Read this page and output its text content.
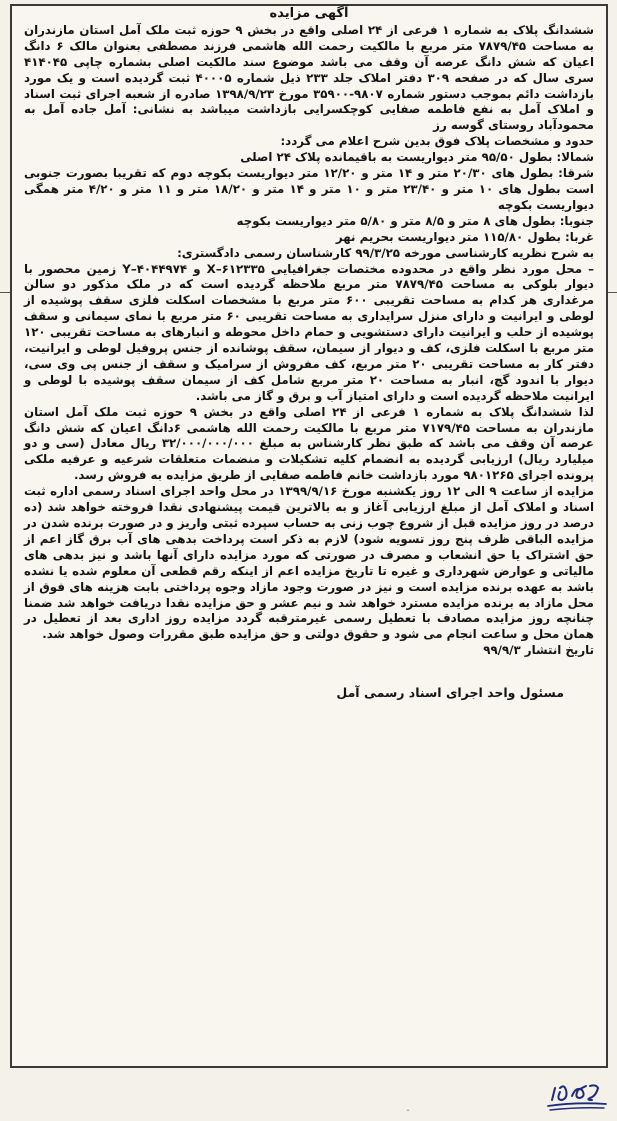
آگهی مزایده

ششدانگ پلاک به شماره ۱ فرعی از ۲۴ اصلی واقع در بخش ۹ حوزه ثبت ملک آمل استان مازندران به مساحت ۷۸۷۹/۴۵ متر مربع با مالکیت رحمت الله هاشمی فرزند مصطفی بعنوان مالک ۶ دانگ اعیان که شش دانگ عرصه آن وقف می باشد موضوع سند مالکیت اصلی بشماره چاپی ۴۱۴۰۴۵ سری سال که در صفحه ۳۰۹ دفتر املاک جلد ۲۳۳ ذیل شماره ۴۰۰۰۵ ثبت گردیده است و یک مورد بازداشت دائم بموجب دستور شماره ۹۸۰۷-۳۵۹۰۰ مورخ ۱۳۹۸/۹/۲۳ صادره از شعبه اجرای ثبت اسناد و املاک آمل به نفع فاطمه صفایی کوچکسرایی بازداشت میباشد به نشانی: آمل جاده آمل به محمودآباد روستای گوسه رز

حدود و مشخصات پلاک فوق بدین شرح اعلام می گردد:

شمالا: بطول ۹۵/۵۰ متر دیواریست به باقیمانده پلاک ۲۴ اصلی

شرقا: بطول های ۲۰/۳۰ متر و ۱۴ متر و ۱۲/۲۰ متر دیواریست بکوچه دوم که تقریبا بصورت جنوبی است بطول های ۱۰ متر و ۲۳/۴۰ متر و ۱۰ متر و ۱۴ متر و ۱۸/۲۰ متر و ۱۱ متر و ۴/۲۰ متر همگی دیواریست بکوچه

جنوبا: بطول های ۸ متر و ۸/۵ متر و ۵/۸۰ متر دیواریست بکوچه

غربا: بطول ۱۱۵/۸۰ متر دیواریست بحریم نهر

به شرح نظریه کارشناسی مورخه ۹۹/۳/۲۵ کارشناسان رسمی دادگستری:

– محل مورد نظر واقع در محدوده مختصات جغرافیایی ۶۱۲۳۳۵–X و ۴۰۴۴۹۷۴–Y زمین محصور با دیوار بلوکی به مساحت ۷۸۷۹/۴۵ متر مربع ملاحظه گردیده است که در ملک مذکور دو سالن مرغداری هر کدام به مساحت تقریبی ۶۰۰ متر مربع با مشخصات اسکلت فلزی سقف پوشیده از لوطی و ایرانیت و دارای منزل سرایداری به مساحت تقریبی ۶۰ متر مربع با نمای سیمانی و سقف پوشیده از حلب و ایرانیت دارای دستشویی و حمام داخل محوطه و انبارهای به مساحت تقریبی ۱۲۰ متر مربع با اسکلت فلزی، کف و دیوار از سیمان، سقف پوشانده از جنس پروفیل لوطی و ایرانیت، دفتر کار به مساحت تقریبی ۲۰ متر مربع، کف مفروش از سرامیک و سقف از جنس پی وی سی، دیوار با اندود گچ، انبار به مساحت ۲۰ متر مربع شامل کف از سیمان سقف پوشیده با لوطی و ایرانیت ملاحظه گردیده است و دارای امتیاز آب و برق و گاز می باشد.

لذا ششدانگ پلاک به شماره ۱ فرعی از ۲۴ اصلی واقع در بخش ۹ حوزه ثبت ملک آمل استان مازندران به مساحت ۷۱۷۹/۴۵ متر مربع با مالکیت رحمت الله هاشمی ۶دانگ اعیان که شش دانگ عرصه آن وقف می باشد که طبق نظر کارشناس به مبلغ ۳۲/۰۰۰/۰۰۰/۰۰۰ ریال معادل (سی و دو میلیارد ریال) ارزیابی گردیده به انضمام کلیه تشکیلات و منضمات متعلقات شرعیه و عرفیه ملکی پرونده اجرای ۹۸۰۱۲۶۵ مورد بازداشت خانم فاطمه صفایی از طریق مزایده به فروش رسد.

مزایده از ساعت ۹ الی ۱۲ روز یکشنبه مورخ ۱۳۹۹/۹/۱۶ در محل واحد اجرای اسناد رسمی اداره ثبت اسناد و املاک آمل از مبلغ ارزیابی آغاز و به بالاترین قیمت پیشنهادی نقدا فروخته خواهد شد (ده درصد در روز مزایده قبل از شروع چوب زنی به حساب سپرده ثبتی واریز و در صورت برنده شدن در مزایده الباقی ظرف پنج روز تسویه شود) لازم به ذکر است پرداخت بدهی های آب برق گاز اعم از حق اشتراک یا حق انشعاب و مصرف در صورتی که مورد مزایده دارای آنها باشد و نیز بدهی های مالیاتی و عوارض شهرداری و غیره تا تاریخ مزایده اعم از اینکه رقم قطعی آن معلوم شده یا نشده باشد به عهده برنده مزایده است و نیز در صورت وجود مازاد وجوه پرداختی بابت هزینه های فوق از محل مازاد به برنده مزایده مسترد خواهد شد و نیم عشر و حق مزایده نقدا دریافت خواهد شد ضمنا چنانچه روز مزایده مصادف با تعطیل رسمی غیرمترقبه گردد مزایده روز اداری بعد از تعطیل در همان محل و ساعت انجام می شود و حقوق دولتی و حق مزایده طبق مقررات وصول خواهد شد.

تاریخ انتشار ۹۹/۹/۳

مسئول واحد اجرای اسناد رسمی آمل

ˆ
